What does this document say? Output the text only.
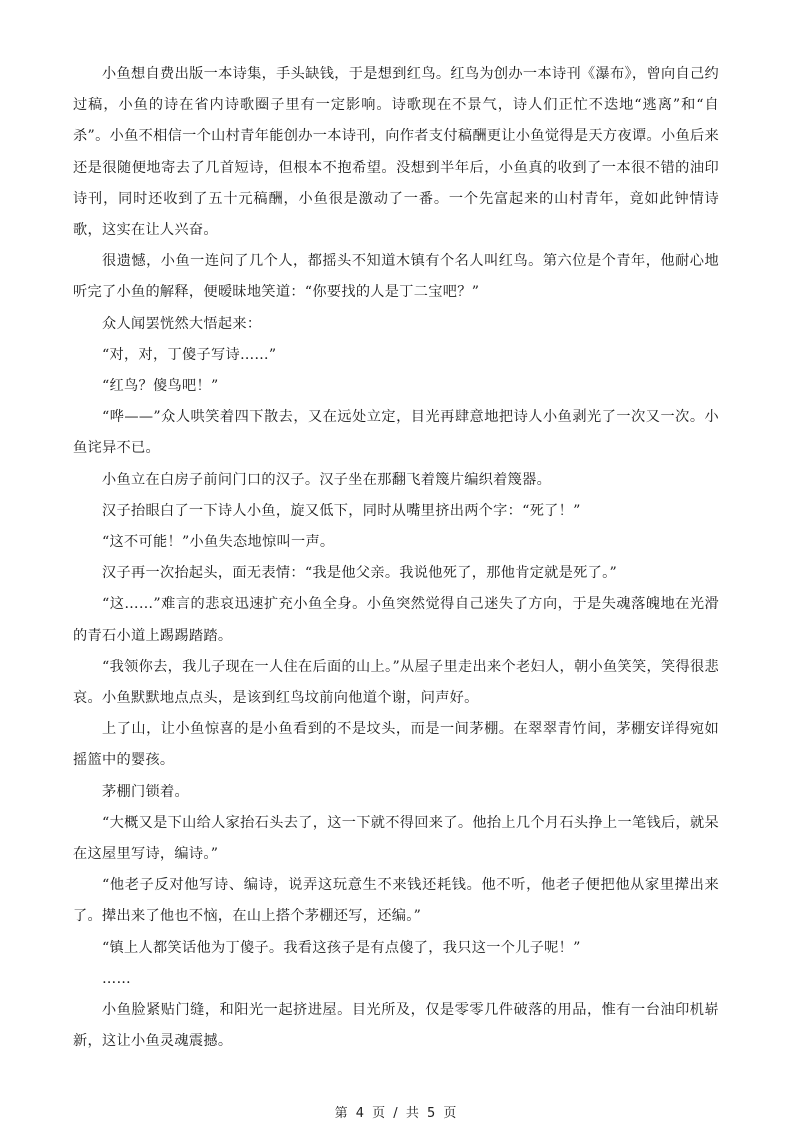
小鱼想自费出版一本诗集，手头缺钱，于是想到红鸟。红鸟为创办一本诗刊《瀑布》，曾向自己约过稿，小鱼的诗在省内诗歌圈子里有一定影响。诗歌现在不景气，诗人们正忙不迭地“逃离”和“自杀”。小鱼不相信一个山村青年能创办一本诗刊，向作者支付稿酬更让小鱼觉得是天方夜谭。小鱼后来还是很随便地寄去了几首短诗，但根本不抱希望。没想到半年后，小鱼真的收到了一本很不错的油印诗刊，同时还收到了五十元稿酬，小鱼很是激动了一番。一个先富起来的山村青年，竟如此钟情诗歌，这实在让人兴奋。

很遗憾，小鱼一连问了几个人，都摇头不知道木镇有个名人叫红鸟。第六位是个青年，他耐心地听完了小鱼的解释，便暧昧地笑道：“你要找的人是丁二宝吧？”

众人闻罢恍然大悟起来：

“对，对，丁傻子写诗……”

“红鸟？傻鸟吧！”

“哗——”众人哄笑着四下散去，又在远处立定，目光再肆意地把诗人小鱼剥光了一次又一次。小鱼诧异不已。

小鱼立在白房子前问门口的汉子。汉子坐在那翻飞着篾片编织着篾器。

汉子抬眼白了一下诗人小鱼，旋又低下，同时从嘴里挤出两个字：“死了！”

“这不可能！”小鱼失态地惊叫一声。

汉子再一次抬起头，面无表情：“我是他父亲。我说他死了，那他肯定就是死了。”

“这……”难言的悲哀迅速扩充小鱼全身。小鱼突然觉得自己迷失了方向，于是失魂落魄地在光滑的青石小道上踢踢踏踏。

“我领你去，我儿子现在一人住在后面的山上。”从屋子里走出来个老妇人，朝小鱼笑笑，笑得很悲哀。小鱼默默地点点头，是该到红鸟坟前向他道个谢，问声好。

上了山，让小鱼惊喜的是小鱼看到的不是坟头，而是一间茅棚。在翠翠青竹间，茅棚安详得宛如摇篮中的婴孩。

茅棚门锁着。

“大概又是下山给人家抬石头去了，这一下就不得回来了。他抬上几个月石头挣上一笔钱后，就呆在这屋里写诗，编诗。”

“他老子反对他写诗、编诗，说弄这玩意生不来钱还耗钱。他不听，他老子便把他从家里撵出来了。撵出来了他也不恼，在山上搭个茅棚还写，还编。”

“镇上人都笑话他为丁傻子。我看这孩子是有点傻了，我只这一个儿子呢！”

……

小鱼脸紧贴门缝，和阳光一起挤进屋。目光所及，仅是零零几件破落的用品，惟有一台油印机崭新，这让小鱼灵魂震撼。

第 4 页 / 共 5 页
